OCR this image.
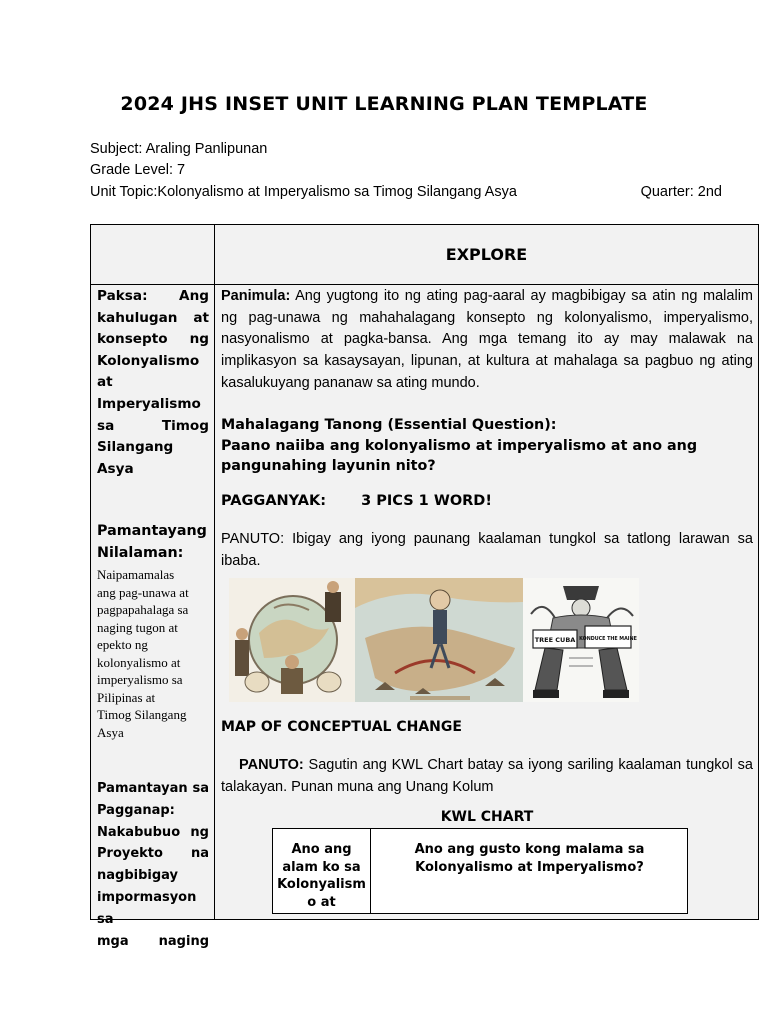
2024 JHS INSET UNIT LEARNING PLAN TEMPLATE
Subject: Araling Panlipunan
Grade Level: 7
Unit Topic:Kolonyalismo at Imperyalismo sa Timog Silangang Asya	Quarter: 2nd
EXPLORE
Paksa: Ang
kahulugan at
konsepto ng
Kolonyalismo
at
Imperyalismo
sa Timog
Silangang
Asya
Pamantayang
Nilalaman:
Naipamamalas
ang pag-unawa at
pagpapahalaga sa
naging tugon at
epekto ng
kolonyalismo at
imperyalismo sa
Pilipinas at
Timog Silangang
Asya
Pamantayan sa
Pagganap:
Nakabubuo ng
Proyekto na
nagbibigay
impormasyon sa
mga naging
Panimula: Ang yugtong ito ng ating pag-aaral ay magbibigay sa atin ng malalim ng pag-unawa ng mahahalagang konsepto ng kolonyalismo, imperyalismo, nasyonalismo at pagka-bansa. Ang mga temang ito ay may malawak na implikasyon sa kasaysayan, lipunan, at kultura at mahalaga sa pagbuo ng ating kasalukuyang pananaw sa ating mundo.
Mahalagang Tanong (Essential Question):
Paano naiiba ang kolonyalismo at imperyalismo at ano ang pangunahing layunin nito?
PAGGANYAK: 3 PICS 1 WORD!
PANUTO: Ibigay ang iyong paunang kaalaman tungkol sa tatlong larawan sa ibaba.
TREE CUBA KONDUCE THE MAINE
MAP OF CONCEPTUAL CHANGE
PANUTO: Sagutin ang KWL Chart batay sa iyong sariling kaalaman tungkol sa talakayan. Punan muna ang Unang Kolum
KWL CHART
Ano ang alam ko sa Kolonyalism o at
Ano ang gusto kong malama sa Kolonyalismo at Imperyalismo?
